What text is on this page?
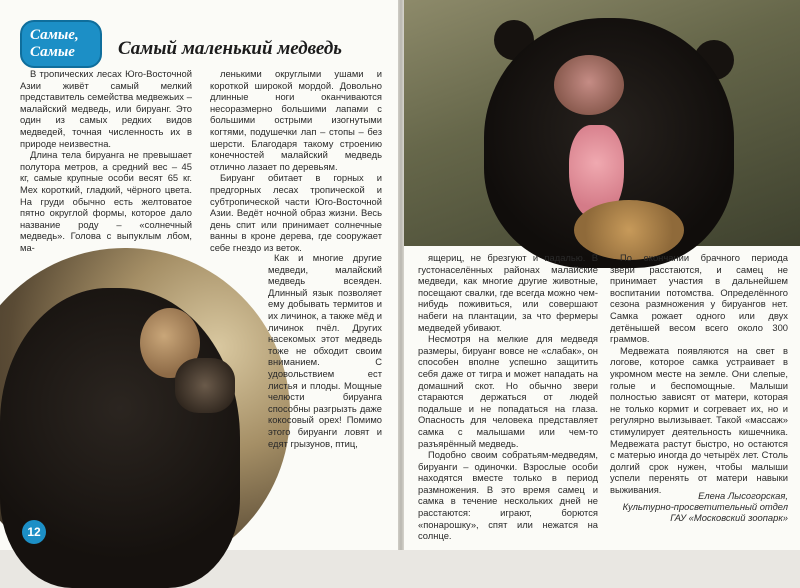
Самые,
Самые Самый маленький медведь

В тропических лесах Юго-Восточной Азии живёт самый мелкий представитель семейства медвежьих – малайский медведь, или бируанг. Это один из самых редких видов медведей, точная численность их в природе неизвестна.

Длина тела бируанга не превышает полутора метров, а средний вес – 45 кг, самые крупные особи весят 65 кг. Мех короткий, гладкий, чёрного цвета. На груди обычно есть желтоватое пятно округлой формы, которое дало название роду – «солнечный медведь». Голова с выпуклым лбом, ма-

ленькими округлыми ушами и короткой широкой мордой. Довольно длинные ноги оканчиваются несоразмерно большими лапами с большими острыми изогнутыми когтями, подушечки лап – стопы – без шерсти. Благодаря такому строению конечностей малайский медведь отлично лазает по деревьям.

Бируанг обитает в горных и предгорных лесах тропической и субтропической части Юго-Восточной Азии. Ведёт ночной образ жизни. Весь день спит или принимает солнечные ванны в кроне дерева, где сооружает себе гнездо из веток.

Как и многие другие медведи, малайский медведь всеяден. Длинный язык позволяет ему добывать термитов и их личинок, а также мёд и личинок пчёл. Других насекомых этот медведь тоже не обходит своим вниманием. С удовольствием ест листья и плоды. Мощные челюсти бируанга способны разгрызть даже кокосовый орех! Помимо этого бируанги ловят и едят грызунов, птиц,

12

ящериц, не брезгуют и падалью. В густонаселённых районах малайские медведи, как многие другие животные, посещают свалки, где всегда можно чем-нибудь поживиться, или совершают набеги на плантации, за что фермеры медведей убивают.

Несмотря на мелкие для медведя размеры, бируанг вовсе не «слабак», он способен вполне успешно защитить себя даже от тигра и может нападать на домашний скот. Но обычно звери стараются держаться от людей подальше и не попадаться на глаза. Опасность для человека представляет самка с малышами или чем-то разъярённый медведь.

Подобно своим собратьям-медведям, бируанги – одиночки. Взрослые особи находятся вместе только в период размножения. В это время самец и самка в течение нескольких дней не расстаются: играют, борются «понарошку», спят или нежатся на солнце.

По окончании брачного периода звери расстаются, и самец не принимает участия в дальнейшем воспитании потомства. Определённого сезона размножения у бируангов нет. Самка рожает одного или двух детёнышей весом всего около 300 граммов.

Медвежата появляются на свет в логове, которое самка устраивает в укромном месте на земле. Они слепые, голые и беспомощные. Малыши полностью зависят от матери, которая не только кормит и согревает их, но и регулярно вылизывает. Такой «массаж» стимулирует деятельность кишечника. Медвежата растут быстро, но остаются с матерью иногда до четырёх лет. Столь долгий срок нужен, чтобы малыши успели перенять от матери навыки выживания.

Елена Лысогорская,
Культурно-просветительный отдел
ГАУ «Московский зоопарк»
